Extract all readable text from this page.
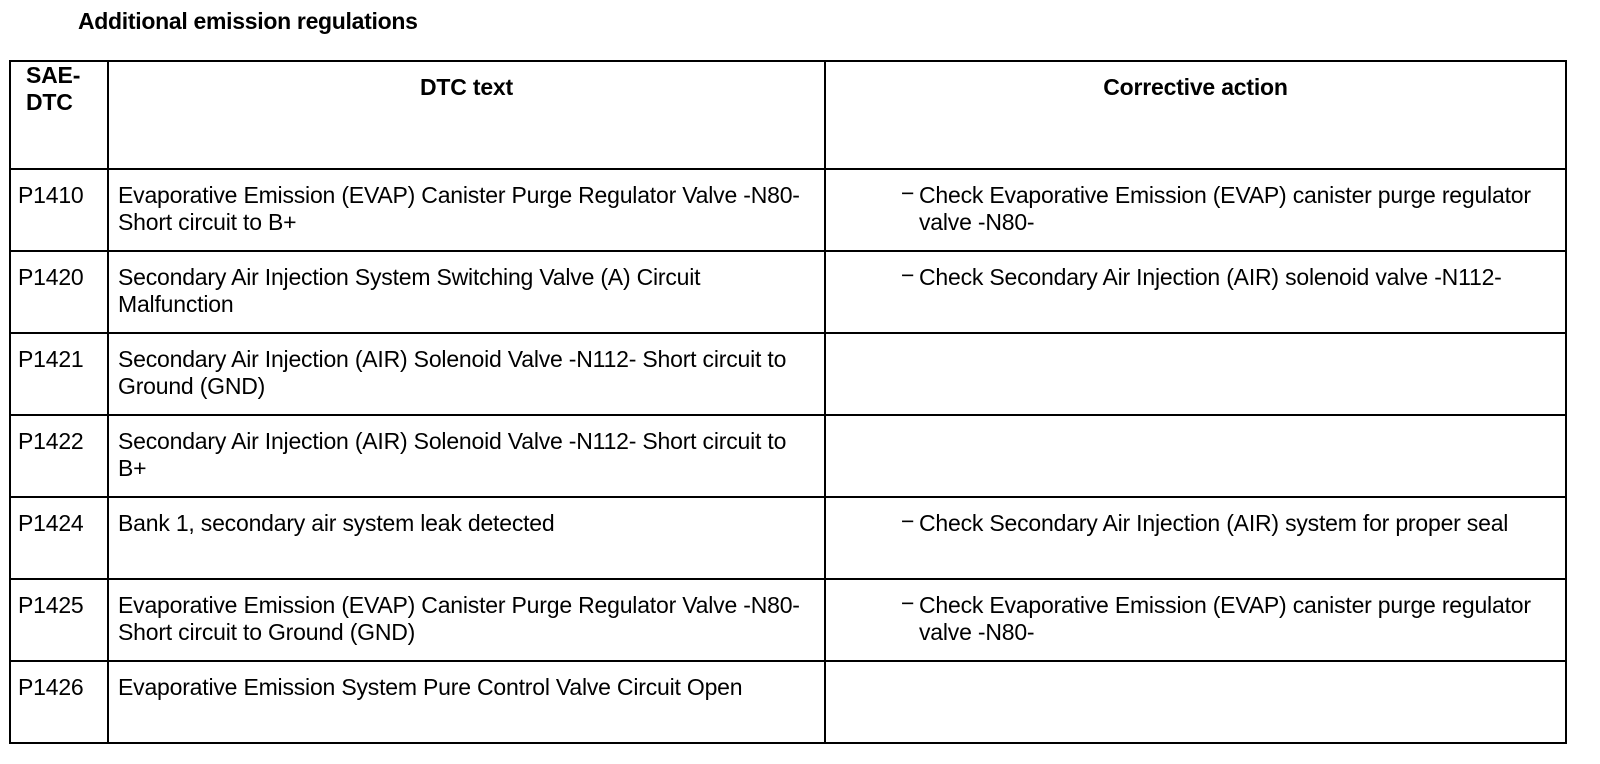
Additional emission regulations
SAE-
DTC	DTC text	Corrective action
P1410	Evaporative Emission (EVAP) Canister Purge Regulator Valve -N80- Short circuit to B+	− Check Evaporative Emission (EVAP) canister purge regulator valve -N80-

P1420	Secondary Air Injection System Switching Valve (A) Circuit Malfunction	− Check Secondary Air Injection (AIR) solenoid valve -N112-

P1421	Secondary Air Injection (AIR) Solenoid Valve -N112- Short circuit to Ground (GND)	
P1422	Secondary Air Injection (AIR) Solenoid Valve -N112- Short circuit to B+	
P1424	Bank 1, secondary air system leak detected	− Check Secondary Air Injection (AIR) system for proper seal

P1425	Evaporative Emission (EVAP) Canister Purge Regulator Valve -N80- Short circuit to Ground (GND)	− Check Evaporative Emission (EVAP) canister purge regulator valve -N80-

P1426	Evaporative Emission System Pure Control Valve Circuit Open	
